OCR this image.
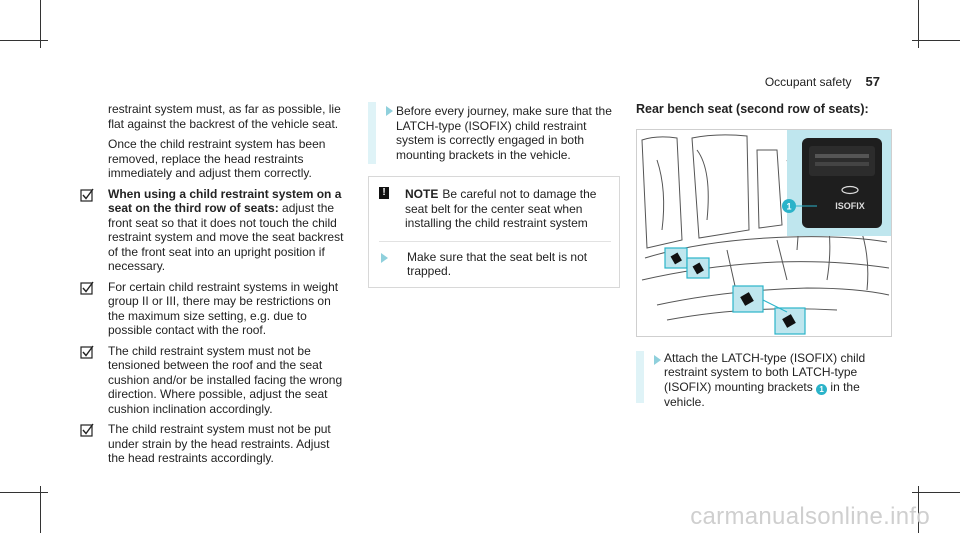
Occupant safety 57

restraint system must, as far as possible, lie flat against the backrest of the vehicle seat.

Once the child restraint system has been removed, replace the head restraints immediately and adjust them correctly.

When using a child restraint system on a seat on the third row of seats: adjust the front seat so that it does not touch the child restraint system and move the seat backrest of the front seat into an upright position if necessary.
For certain child restraint systems in weight group II or III, there may be restrictions on the maximum size setting, e.g. due to possible contact with the roof.
The child restraint system must not be tensioned between the roof and the seat cushion and/or be installed facing the wrong direction. Where possible, adjust the seat cushion inclination accordingly.
The child restraint system must not be put under strain by the head restraints. Adjust the head restraints accordingly.
Before every journey, make sure that the LATCH-type (ISOFIX) child restraint system is correctly engaged in both mounting brackets in the vehicle.
! NOTE Be careful not to damage the seat belt for the center seat when installing the child restraint system
Make sure that the seat belt is not trapped.
Rear bench seat (second row of seats):
ISOFIX
1
Attach the LATCH-type (ISOFIX) child restraint system to both LATCH-type (ISOFIX) mounting brackets 1 in the vehicle.
carmanualsonline.info
